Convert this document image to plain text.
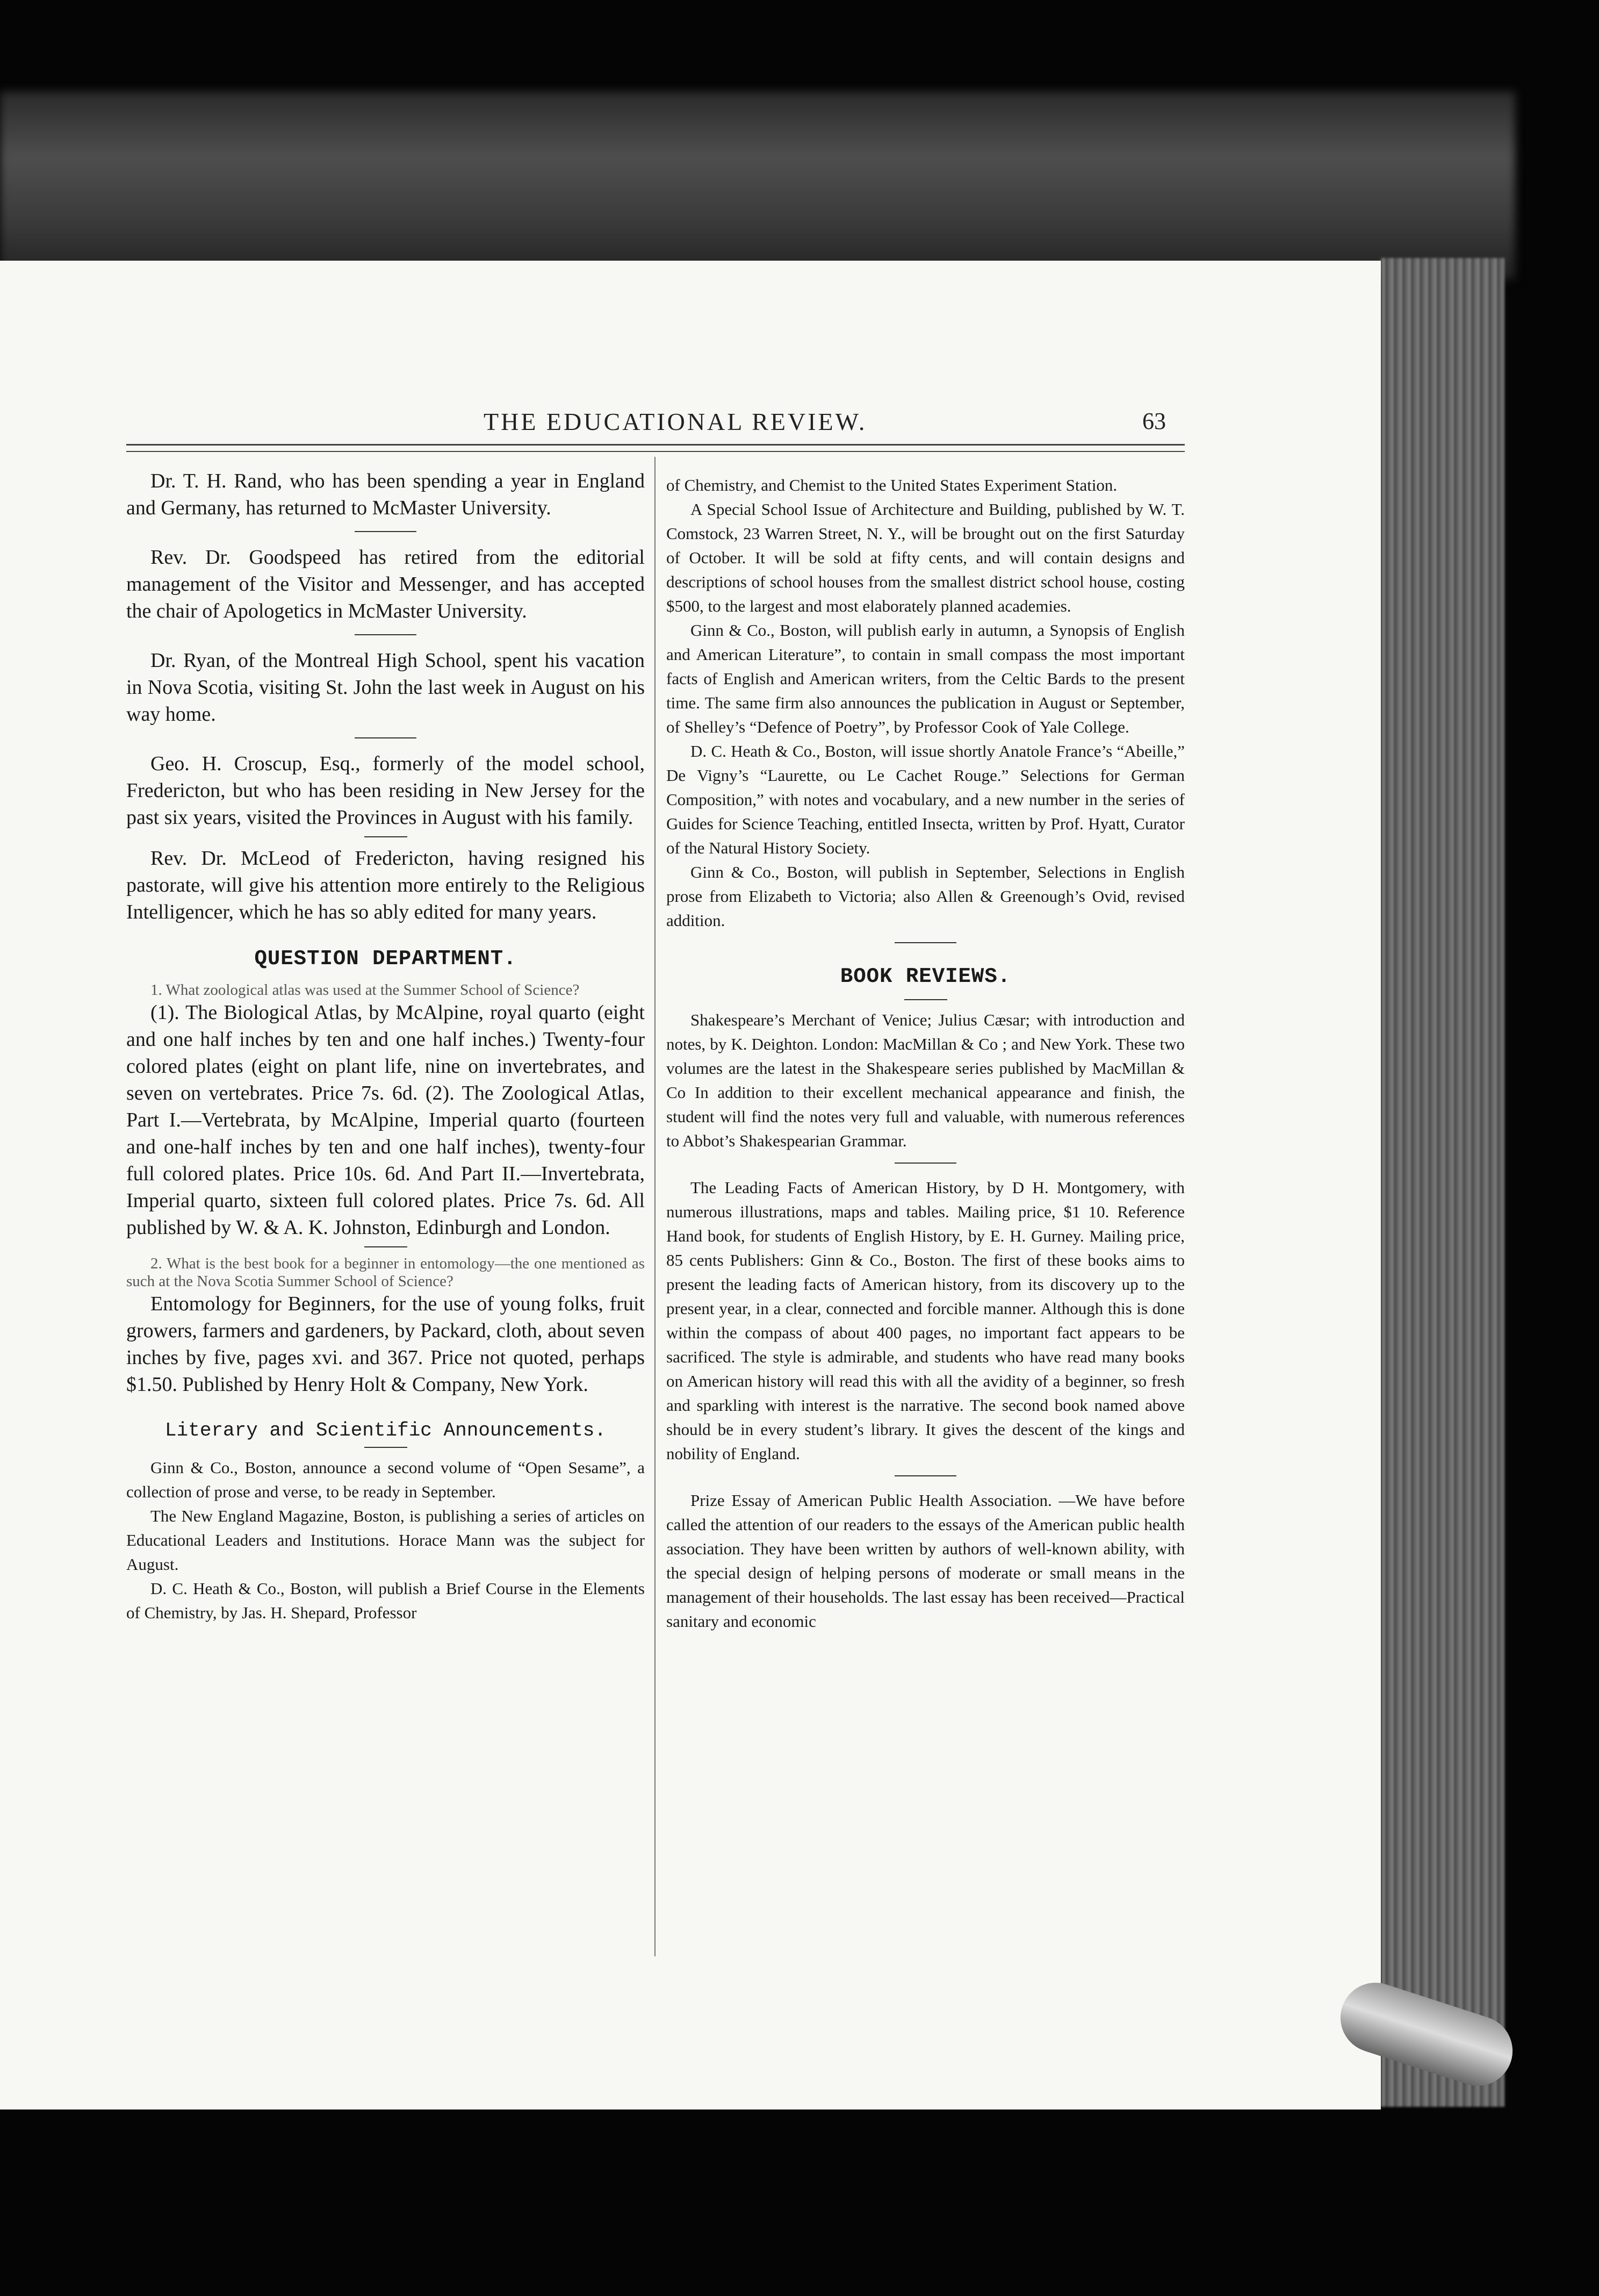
THE EDUCATIONAL REVIEW.	63

Dr. T. H. Rand, who has been spending a year in England and Germany, has returned to McMaster University.

Rev. Dr. Goodspeed has retired from the editorial management of the Visitor and Messenger, and has accepted the chair of Apologetics in McMaster University.

Dr. Ryan, of the Montreal High School, spent his vacation in Nova Scotia, visiting St. John the last week in August on his way home.

Geo. H. Croscup, Esq., formerly of the model school, Fredericton, but who has been residing in New Jersey for the past six years, visited the Provinces in August with his family.

Rev. Dr. McLeod of Fredericton, having resigned his pastorate, will give his attention more entirely to the Religious Intelligencer, which he has so ably edited for many years.

QUESTION DEPARTMENT.

1. What zoological atlas was used at the Summer School of Science?

(1). The Biological Atlas, by McAlpine, royal quarto (eight and one half inches by ten and one half inches.) Twenty-four colored plates (eight on plant life, nine on invertebrates, and seven on vertebrates. Price 7s. 6d. (2). The Zoological Atlas, Part I.—Vertebrata, by McAlpine, Imperial quarto (fourteen and one-half inches by ten and one half inches), twenty-four full colored plates. Price 10s. 6d. And Part II.—Invertebrata, Imperial quarto, sixteen full colored plates. Price 7s. 6d. All published by W. & A. K. Johnston, Edinburgh and London.

2. What is the best book for a beginner in entomology—the one mentioned as such at the Nova Scotia Summer School of Science?

Entomology for Beginners, for the use of young folks, fruit growers, farmers and gardeners, by Packard, cloth, about seven inches by five, pages xvi. and 367. Price not quoted, perhaps $1.50. Published by Henry Holt & Company, New York.

Literary and Scientific Announcements.

Ginn & Co., Boston, announce a second volume of “Open Sesame”, a collection of prose and verse, to be ready in September.

The New England Magazine, Boston, is publishing a series of articles on Educational Leaders and Institutions. Horace Mann was the subject for August.

D. C. Heath & Co., Boston, will publish a Brief Course in the Elements of Chemistry, by Jas. H. Shepard, Professor

of Chemistry, and Chemist to the United States Experiment Station.

A Special School Issue of Architecture and Building, published by W. T. Comstock, 23 Warren Street, N. Y., will be brought out on the first Saturday of October. It will be sold at fifty cents, and will contain designs and descriptions of school houses from the smallest district school house, costing $500, to the largest and most elaborately planned academies.

Ginn & Co., Boston, will publish early in autumn, a Synopsis of English and American Literature”, to contain in small compass the most important facts of English and American writers, from the Celtic Bards to the present time. The same firm also announces the publication in August or September, of Shelley’s “Defence of Poetry”, by Professor Cook of Yale College.

D. C. Heath & Co., Boston, will issue shortly Anatole France’s “Abeille,” De Vigny’s “Laurette, ou Le Cachet Rouge.” Selections for German Composition,” with notes and vocabulary, and a new number in the series of Guides for Science Teaching, entitled Insecta, written by Prof. Hyatt, Curator of the Natural History Society.

Ginn & Co., Boston, will publish in September, Selections in English prose from Elizabeth to Victoria; also Allen & Greenough’s Ovid, revised addition.

BOOK REVIEWS.

Shakespeare’s Merchant of Venice; Julius Cæsar; with introduction and notes, by K. Deighton. London: MacMillan & Co ; and New York. These two volumes are the latest in the Shakespeare series published by MacMillan & Co In addition to their excellent mechanical appearance and finish, the student will find the notes very full and valuable, with numerous references to Abbot’s Shakespearian Grammar.

The Leading Facts of American History, by D H. Montgomery, with numerous illustrations, maps and tables. Mailing price, $1 10. Reference Hand book, for students of English History, by E. H. Gurney. Mailing price, 85 cents Publishers: Ginn & Co., Boston. The first of these books aims to present the leading facts of American history, from its discovery up to the present year, in a clear, connected and forcible manner. Although this is done within the compass of about 400 pages, no important fact appears to be sacrificed. The style is admirable, and students who have read many books on American history will read this with all the avidity of a beginner, so fresh and sparkling with interest is the narrative. The second book named above should be in every student’s library. It gives the descent of the kings and nobility of England.

Prize Essay of American Public Health Association. —We have before called the attention of our readers to the essays of the American public health association. They have been written by authors of well-known ability, with the special design of helping persons of moderate or small means in the management of their households. The last essay has been received—Practical sanitary and economic
